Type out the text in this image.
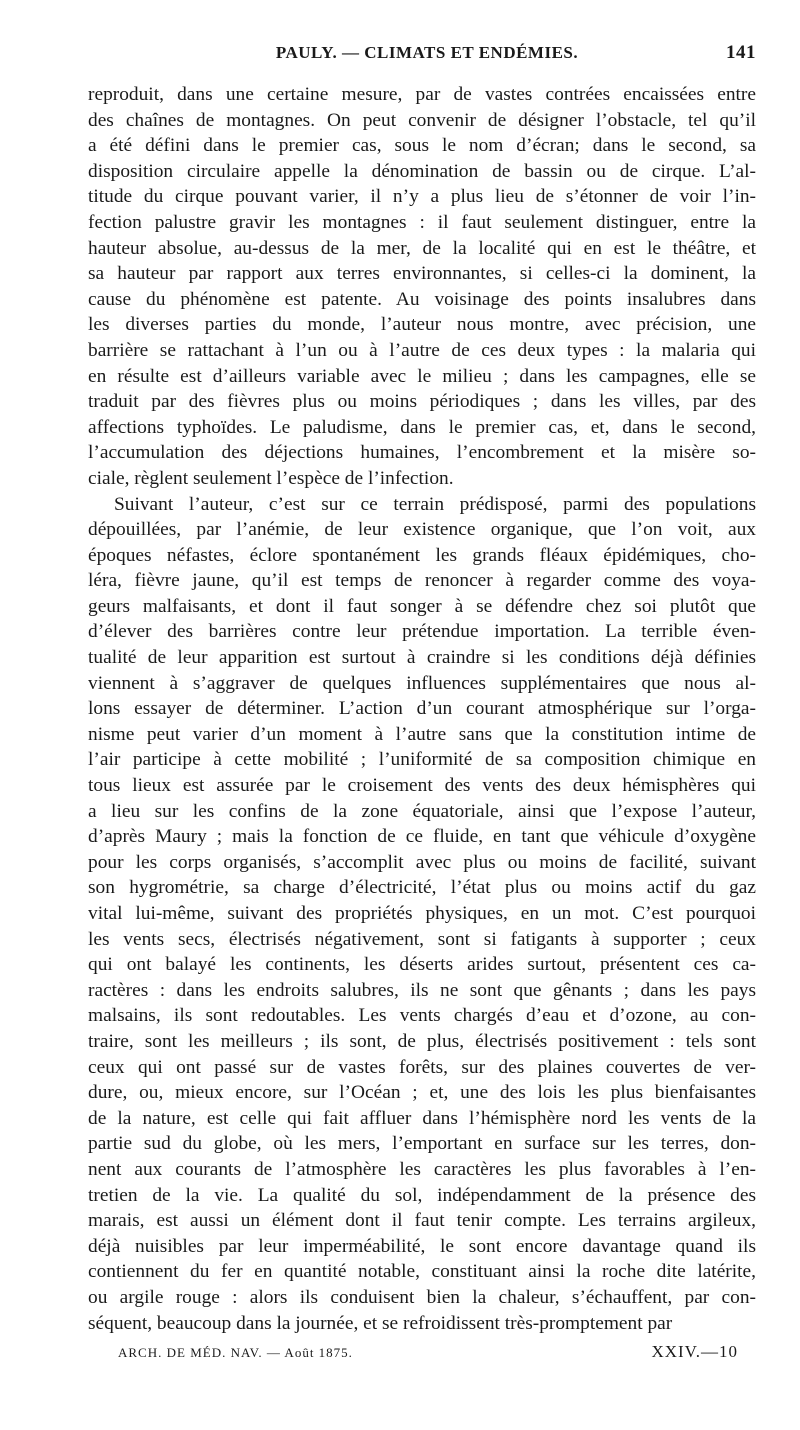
PAULY. — CLIMATS ET ENDÉMIES.	141

reproduit, dans une certaine mesure, par de vastes contrées encaissées entre
des chaînes de montagnes. On peut convenir de désigner l’obstacle, tel qu’il
a été défini dans le premier cas, sous le nom d’écran; dans le second, sa
disposition circulaire appelle la dénomination de bassin ou de cirque. L’al-
titude du cirque pouvant varier, il n’y a plus lieu de s’étonner de voir l’in-
fection palustre gravir les montagnes : il faut seulement distinguer, entre la
hauteur absolue, au-dessus de la mer, de la localité qui en est le théâtre, et
sa hauteur par rapport aux terres environnantes, si celles-ci la dominent, la
cause du phénomène est patente. Au voisinage des points insalubres dans
les diverses parties du monde, l’auteur nous montre, avec précision, une
barrière se rattachant à l’un ou à l’autre de ces deux types : la malaria qui
en résulte est d’ailleurs variable avec le milieu ; dans les campagnes, elle se
traduit par des fièvres plus ou moins périodiques ; dans les villes, par des
affections typhoïdes. Le paludisme, dans le premier cas, et, dans le second,
l’accumulation des déjections humaines, l’encombrement et la misère so-
ciale, règlent seulement l’espèce de l’infection.

Suivant l’auteur, c’est sur ce terrain prédisposé, parmi des populations
dépouillées, par l’anémie, de leur existence organique, que l’on voit, aux
époques néfastes, éclore spontanément les grands fléaux épidémiques, cho-
léra, fièvre jaune, qu’il est temps de renoncer à regarder comme des voya-
geurs malfaisants, et dont il faut songer à se défendre chez soi plutôt que
d’élever des barrières contre leur prétendue importation. La terrible éven-
tualité de leur apparition est surtout à craindre si les conditions déjà définies
viennent à s’aggraver de quelques influences supplémentaires que nous al-
lons essayer de déterminer. L’action d’un courant atmosphérique sur l’orga-
nisme peut varier d’un moment à l’autre sans que la constitution intime de
l’air participe à cette mobilité ; l’uniformité de sa composition chimique en
tous lieux est assurée par le croisement des vents des deux hémisphères qui
a lieu sur les confins de la zone équatoriale, ainsi que l’expose l’auteur,
d’après Maury ; mais la fonction de ce fluide, en tant que véhicule d’oxygène
pour les corps organisés, s’accomplit avec plus ou moins de facilité, suivant
son hygrométrie, sa charge d’électricité, l’état plus ou moins actif du gaz
vital lui-même, suivant des propriétés physiques, en un mot. C’est pourquoi
les vents secs, électrisés négativement, sont si fatigants à supporter ; ceux
qui ont balayé les continents, les déserts arides surtout, présentent ces ca-
ractères : dans les endroits salubres, ils ne sont que gênants ; dans les pays
malsains, ils sont redoutables. Les vents chargés d’eau et d’ozone, au con-
traire, sont les meilleurs ; ils sont, de plus, électrisés positivement : tels sont
ceux qui ont passé sur de vastes forêts, sur des plaines couvertes de ver-
dure, ou, mieux encore, sur l’Océan ; et, une des lois les plus bienfaisantes
de la nature, est celle qui fait affluer dans l’hémisphère nord les vents de la
partie sud du globe, où les mers, l’emportant en surface sur les terres, don-
nent aux courants de l’atmosphère les caractères les plus favorables à l’en-
tretien de la vie. La qualité du sol, indépendamment de la présence des
marais, est aussi un élément dont il faut tenir compte. Les terrains argileux,
déjà nuisibles par leur imperméabilité, le sont encore davantage quand ils
contiennent du fer en quantité notable, constituant ainsi la roche dite latérite,
ou argile rouge : alors ils conduisent bien la chaleur, s’échauffent, par con-
séquent, beaucoup dans la journée, et se refroidissent très-promptement par

ARCH. DE MÉD. NAV. — Août 1875.	XXIV.—10
